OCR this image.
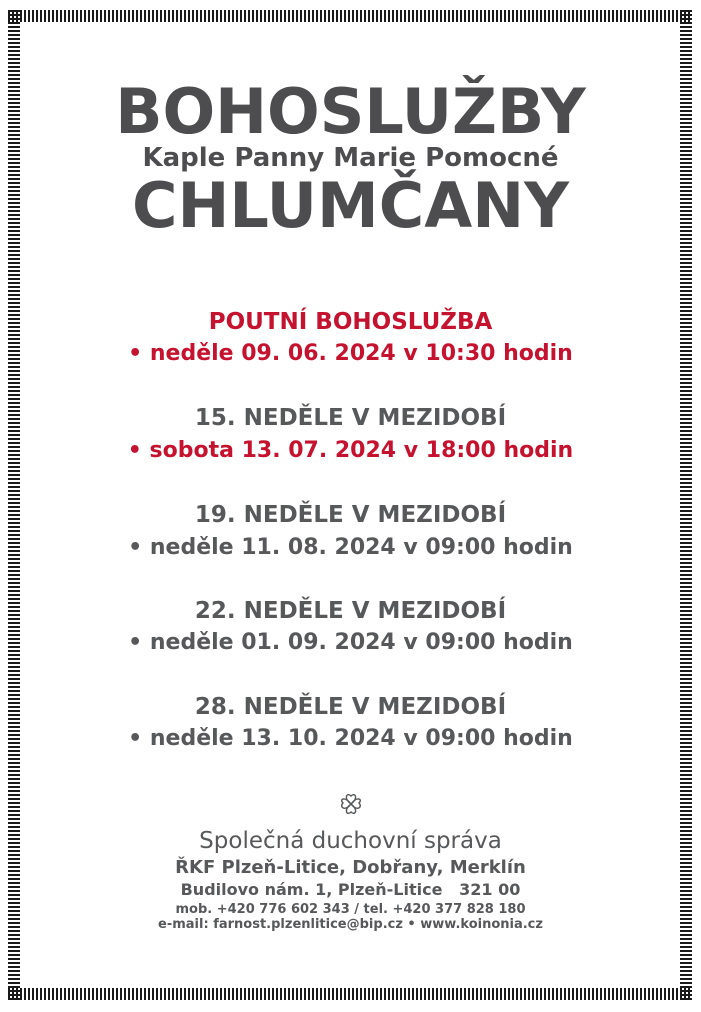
BOHOSLUŽBY
Kaple Panny Marie Pomocné
CHLUMČANY
POUTNÍ BOHOSLUŽBA
• neděle 09. 06. 2024 v 10:30 hodin
15. NEDĚLE V MEZIDOBÍ
• sobota 13. 07. 2024 v 18:00 hodin
19. NEDĚLE V MEZIDOBÍ
• neděle 11. 08. 2024 v 09:00 hodin
22. NEDĚLE V MEZIDOBÍ
• neděle 01. 09. 2024 v 09:00 hodin
28. NEDĚLE V MEZIDOBÍ
• neděle 13. 10. 2024 v 09:00 hodin
Společná duchovní správa
ŘKF Plzeň-Litice, Dobřany, Merklín
Budilovo nám. 1, Plzeň-Litice   321 00
mob. +420 776 602 343 / tel. +420 377 828 180
e-mail: farnost.plzenlitice@bip.cz • www.koinonia.cz
